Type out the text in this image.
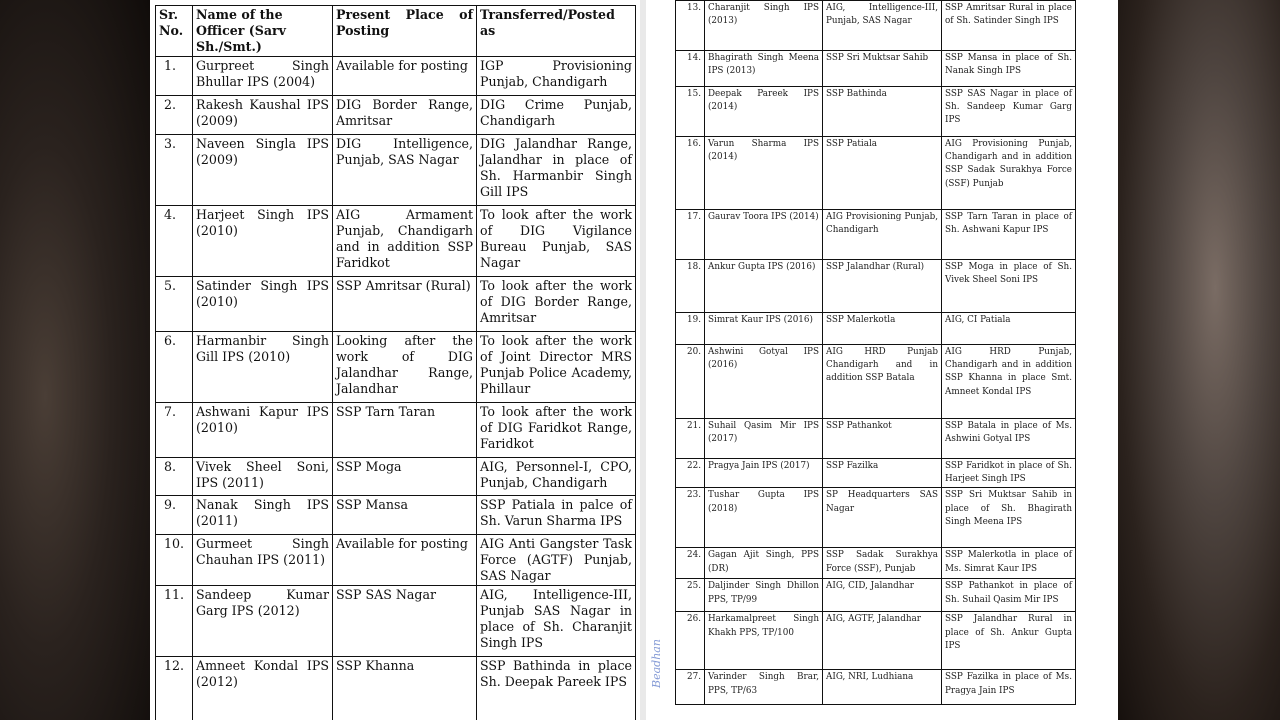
Sr. No.	Name of the Officer (Sarv Sh./Smt.)	Present Place of Posting	Transferred/Posted as
1.	Gurpreet Singh Bhullar IPS (2004)	Available for posting	IGP Provisioning Punjab, Chandigarh
2.	Rakesh Kaushal IPS (2009)	DIG Border Range, Amritsar	DIG Crime Punjab, Chandigarh
3.	Naveen Singla IPS (2009)	DIG Intelligence, Punjab, SAS Nagar	DIG Jalandhar Range, Jalandhar in place of Sh. Harmanbir Singh Gill IPS
4.	Harjeet Singh IPS (2010)	AIG Armament Punjab, Chandigarh and in addition SSP Faridkot	To look after the work of DIG Vigilance Bureau Punjab, SAS Nagar
5.	Satinder Singh IPS (2010)	SSP Amritsar (Rural)	To look after the work of DIG Border Range, Amritsar
6.	Harmanbir Singh Gill IPS (2010)	Looking after the work of DIG Jalandhar Range, Jalandhar	To look after the work of Joint Director MRS Punjab Police Academy, Phillaur
7.	Ashwani Kapur IPS (2010)	SSP Tarn Taran	To look after the work of DIG Faridkot Range, Faridkot
8.	Vivek Sheel Soni, IPS (2011)	SSP Moga	AIG, Personnel-I, CPO, Punjab, Chandigarh
9.	Nanak Singh IPS (2011)	SSP Mansa	SSP Patiala in palce of Sh. Varun Sharma IPS
10.	Gurmeet Singh Chauhan IPS (2011)	Available for posting	AIG Anti Gangster Task Force (AGTF) Punjab, SAS Nagar
11.	Sandeep Kumar Garg IPS (2012)	SSP SAS Nagar	AIG, Intelligence-III, Punjab SAS Nagar in place of Sh. Charanjit Singh IPS
12.	Amneet Kondal IPS (2012)	SSP Khanna	SSP Bathinda in place Sh. Deepak Pareek IPS
13.	Charanjit Singh IPS (2013)	AIG, Intelligence-III, Punjab, SAS Nagar	SSP Amritsar Rural in place of Sh. Satinder Singh IPS
14.	Bhagirath Singh Meena IPS (2013)	SSP Sri Muktsar Sahib	SSP Mansa in place of Sh. Nanak Singh IPS
15.	Deepak Pareek IPS (2014)	SSP Bathinda	SSP SAS Nagar in place of Sh. Sandeep Kumar Garg IPS
16.	Varun Sharma IPS (2014)	SSP Patiala	AIG Provisioning Punjab, Chandigarh and in addition SSP Sadak Surakhya Force (SSF) Punjab
17.	Gaurav Toora IPS (2014)	AIG Provisioning Punjab, Chandigarh	SSP Tarn Taran in place of Sh. Ashwani Kapur IPS
18.	Ankur Gupta IPS (2016)	SSP Jalandhar (Rural)	SSP Moga in place of Sh. Vivek Sheel Soni IPS
19.	Simrat Kaur IPS (2016)	SSP Malerkotla	AIG, CI Patiala
20.	Ashwini Gotyal IPS (2016)	AIG HRD Punjab Chandigarh and in addition SSP Batala	AIG HRD Punjab, Chandigarh and in addition SSP Khanna in place Smt. Amneet Kondal IPS
21.	Suhail Qasim Mir IPS (2017)	SSP Pathankot	SSP Batala in place of Ms. Ashwini Gotyal IPS
22.	Pragya Jain IPS (2017)	SSP Fazilka	SSP Faridkot in place of Sh. Harjeet Singh IPS
23.	Tushar Gupta IPS (2018)	SP Headquarters SAS Nagar	SSP Sri Muktsar Sahib in place of Sh. Bhagirath Singh Meena IPS
24.	Gagan Ajit Singh, PPS (DR)	SSP Sadak Surakhya Force (SSF), Punjab	SSP Malerkotla in place of Ms. Simrat Kaur IPS
25.	Daljinder Singh Dhillon PPS, TP/99	AIG, CID, Jalandhar	SSP Pathankot in place of Sh. Suhail Qasim Mir IPS
26.	Harkamalpreet Singh Khakh PPS, TP/100	AIG, AGTF, Jalandhar	SSP Jalandhar Rural in place of Sh. Ankur Gupta IPS
27.	Varinder Singh Brar, PPS, TP/63	AIG, NRI, Ludhiana	SSP Fazilka in place of Ms. Pragya Jain IPS
Beadhan
